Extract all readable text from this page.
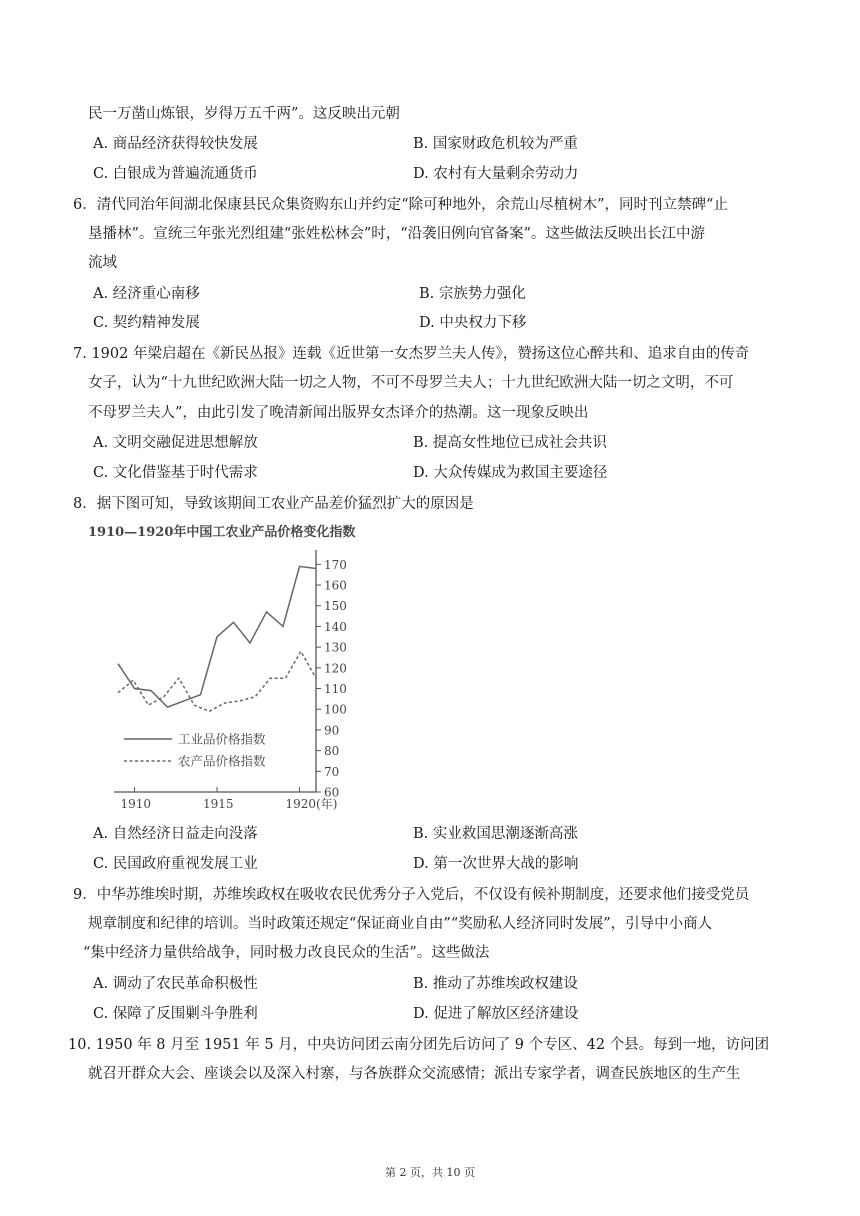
民一万凿山炼银，岁得万五千两”。这反映出元朝
A. 商品经济获得较快发展	B. 国家财政危机较为严重
C. 白银成为普遍流通货币	D. 农村有大量剩余劳动力
6．清代同治年间湖北保康县民众集资购东山并约定“除可种地外，余荒山尽植树木”，同时刊立禁碑“止
垦播林”。宣统三年张光烈组建“张姓松林会”时，“沿袭旧例向官备案”。这些做法反映出长江中游
流域
A. 经济重心南移	B. 宗族势力强化
C. 契约精神发展	D. 中央权力下移
7. 1902 年梁启超在《新民丛报》连载《近世第一女杰罗兰夫人传》，赞扬这位心醉共和、追求自由的传奇
女子，认为“十九世纪欧洲大陆一切之人物，不可不母罗兰夫人；十九世纪欧洲大陆一切之文明，不可
不母罗兰夫人”，由此引发了晚清新闻出版界女杰译介的热潮。这一现象反映出
A. 文明交融促进思想解放	B. 提高女性地位已成社会共识
C. 文化借鉴基于时代需求	D. 大众传媒成为救国主要途径
8．据下图可知，导致该期间工农业产品差价猛烈扩大的原因是
1910—1920年中国工农业产品价格变化指数
60
70
80
90
100
110
120
130
140
150
160
170
1910	1915	1920(年)
工业品价格指数
农产品价格指数
A. 自然经济日益走向没落	B. 实业救国思潮逐渐高涨
C. 民国政府重视发展工业	D. 第一次世界大战的影响
9．中华苏维埃时期，苏维埃政权在吸收农民优秀分子入党后，不仅设有候补期制度，还要求他们接受党员
规章制度和纪律的培训。当时政策还规定“保证商业自由”“奖励私人经济同时发展”，引导中小商人
“集中经济力量供给战争，同时极力改良民众的生活”。这些做法
A. 调动了农民革命积极性	B. 推动了苏维埃政权建设
C. 保障了反围剿斗争胜利	D. 促进了解放区经济建设
10. 1950 年 8 月至 1951 年 5 月，中央访问团云南分团先后访问了 9 个专区、42 个县。每到一地，访问团
就召开群众大会、座谈会以及深入村寨，与各族群众交流感情；派出专家学者，调查民族地区的生产生
第 2 页，共 10 页
